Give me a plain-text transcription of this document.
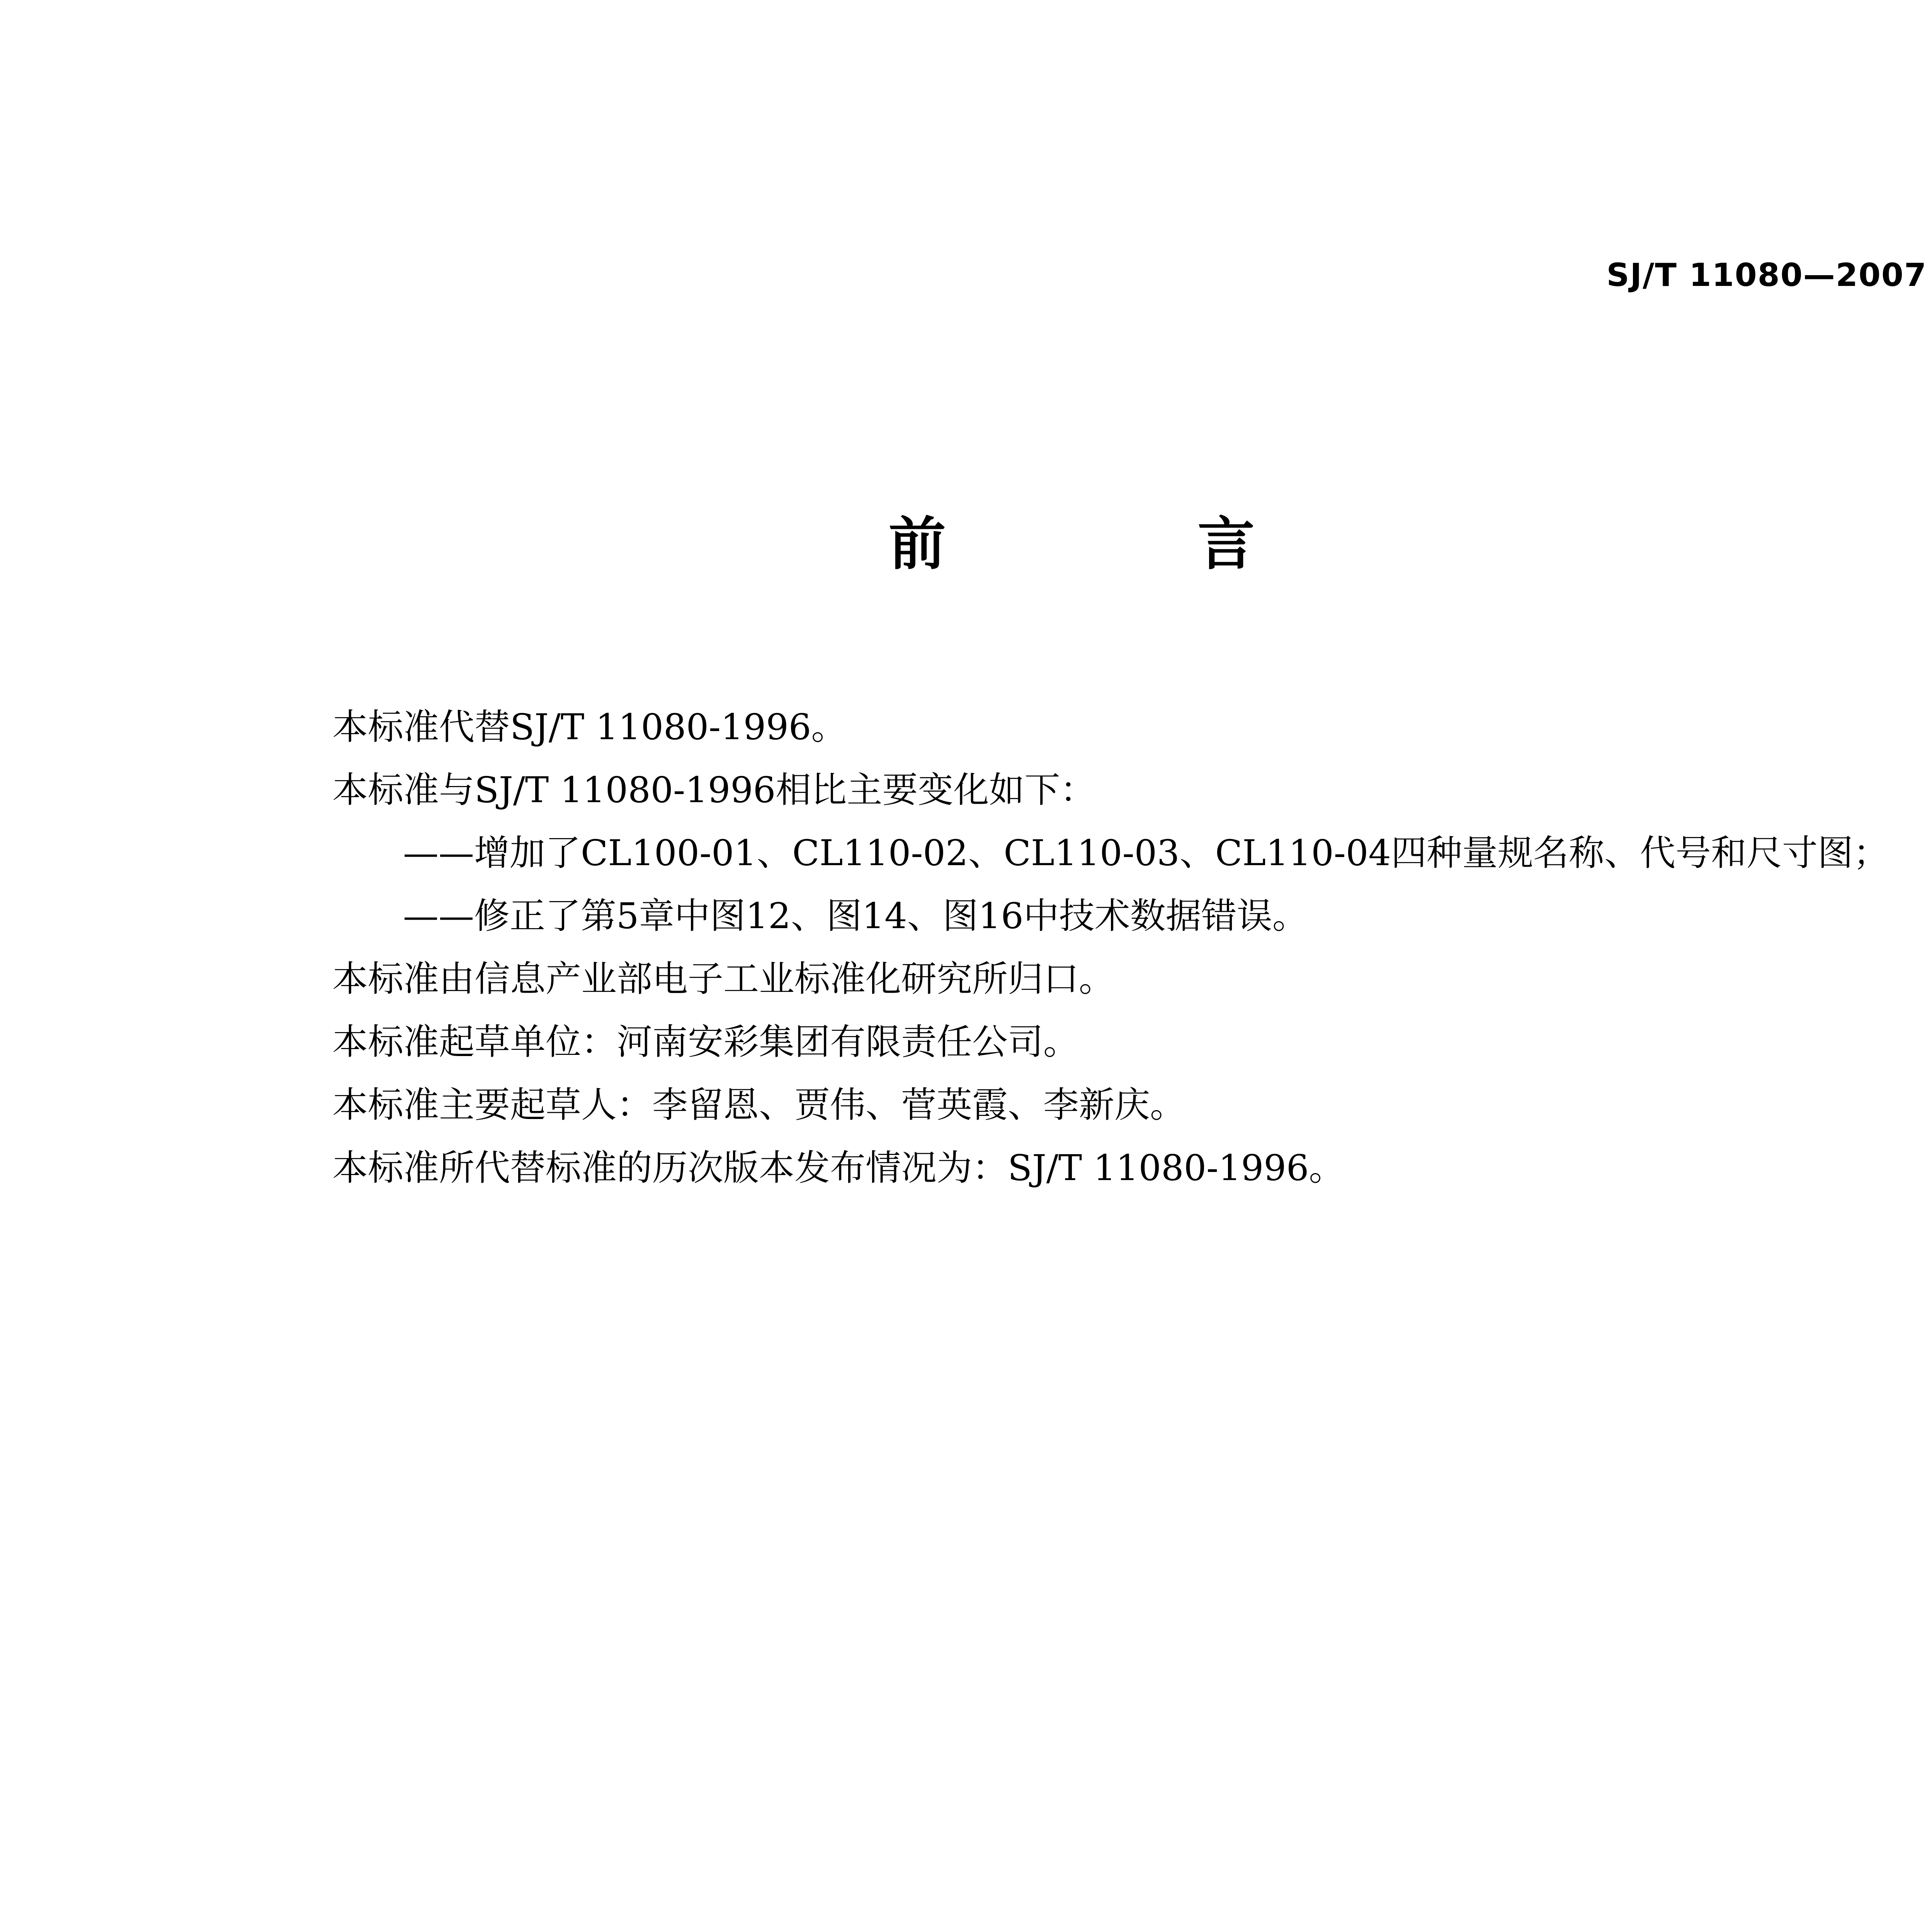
SJ/T 11080—2007
前 言
本标准代替SJ/T 11080-1996。
本标准与SJ/T 11080-1996相比主要变化如下：
——增加了CL100-01、CL110-02、CL110-03、CL110-04四种量规名称、代号和尺寸图；
——修正了第5章中图12、图14、图16中技术数据错误。
本标准由信息产业部电子工业标准化研究所归口。
本标准起草单位：河南安彩集团有限责任公司。
本标准主要起草人：李留恩、贾伟、菅英霞、李新庆。
本标准所代替标准的历次版本发布情况为：SJ/T 11080-1996。
